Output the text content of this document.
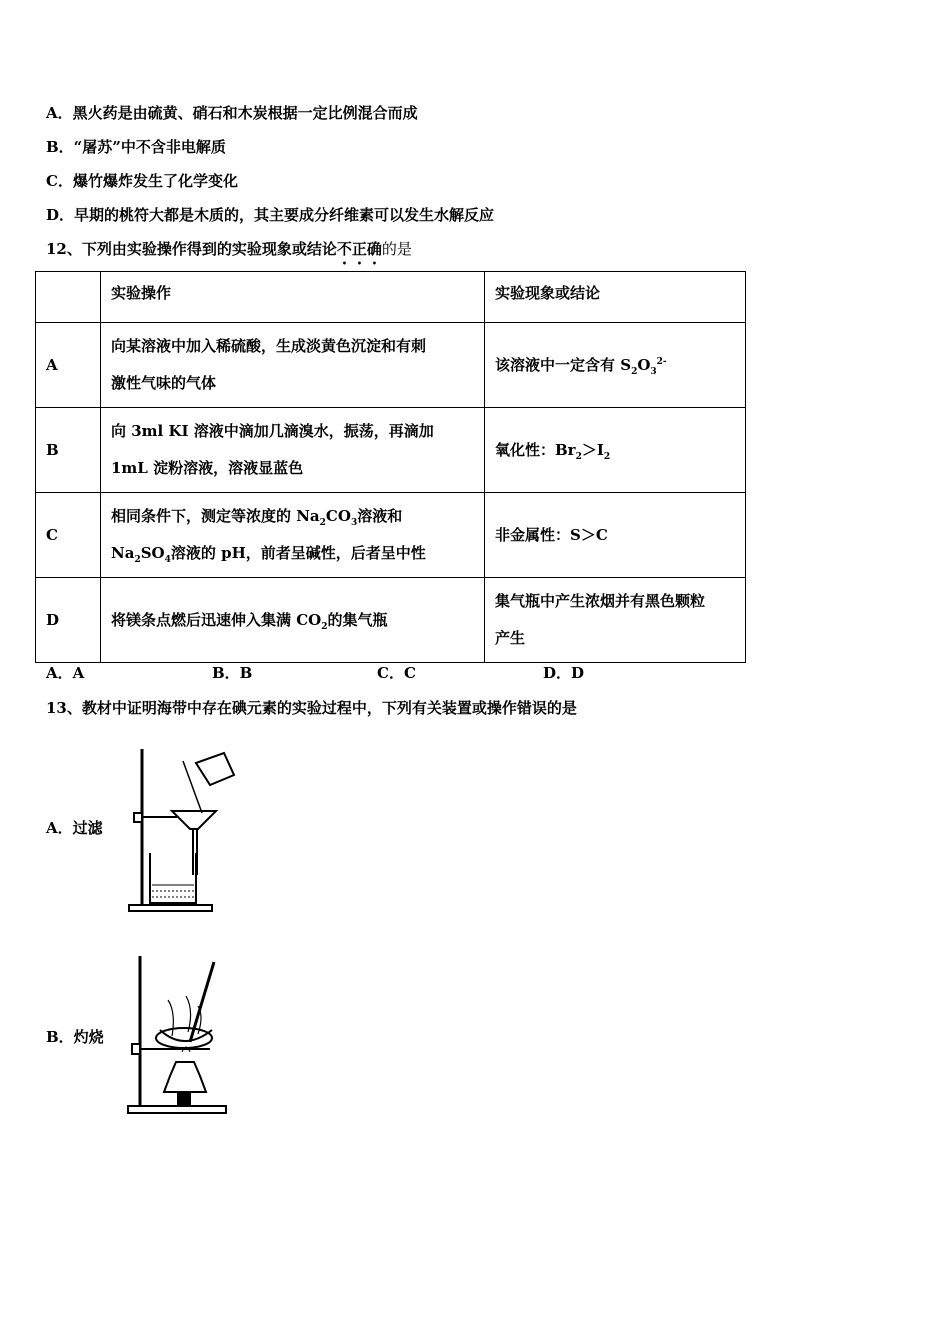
A．黑火药是由硫黄、硝石和木炭根据一定比例混合而成
B．“屠苏”中不含非电解质
C．爆竹爆炸发生了化学变化
D．早期的桃符大都是木质的，其主要成分纤维素可以发生水解反应
12、下列由实验操作得到的实验现象或结论不正确的是
	实验操作	实验现象或结论
A	向某溶液中加入稀硫酸，生成淡黄色沉淀和有刺
激性气味的气体	该溶液中一定含有 $S_2O_3^{2-}$
B	向 3ml KI 溶液中滴加几滴溴水，振荡，再滴加
1mL 淀粉溶液，溶液显蓝色	氧化性：$Br_2>I_2$
C	相同条件下，测定等浓度的 $Na_2CO_3$溶液和
$Na_2SO_4$溶液的 pH，前者呈碱性，后者呈中性	非金属性：S＞C
D	将镁条点燃后迅速伸入集满 $CO_2$的集气瓶	集气瓶中产生浓烟并有黑色颗粒
产生
A．A	B．B	C．C	D．D
13、教材中证明海带中存在碘元素的实验过程中，下列有关装置或操作错误的是
A．过滤
B．灼烧
